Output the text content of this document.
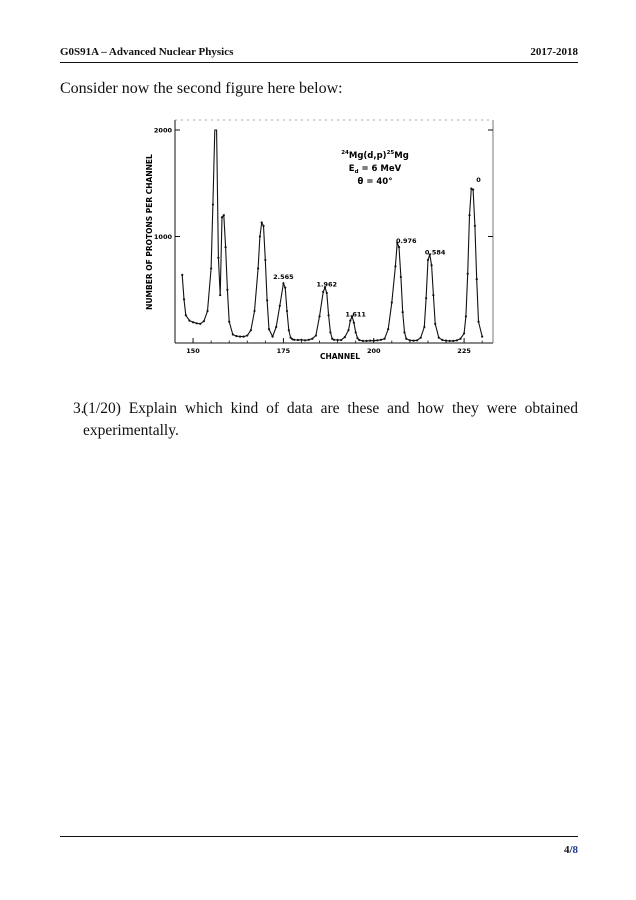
G0S91A – Advanced Nuclear Physics	2017-2018
Consider now the second figure here below:
150	175	200	225
1000
2000
2.565
1.962
1.611
0.976
0.584
0
CHANNEL
NUMBER OF PROTONS PER CHANNEL
$^{24}Mg(d,p)^{25}Mg$
$E_d = 6$ MeV
θ = 40°
3.
(1/20) Explain which kind of data are these and how they were obtained experimentally.
4/8
